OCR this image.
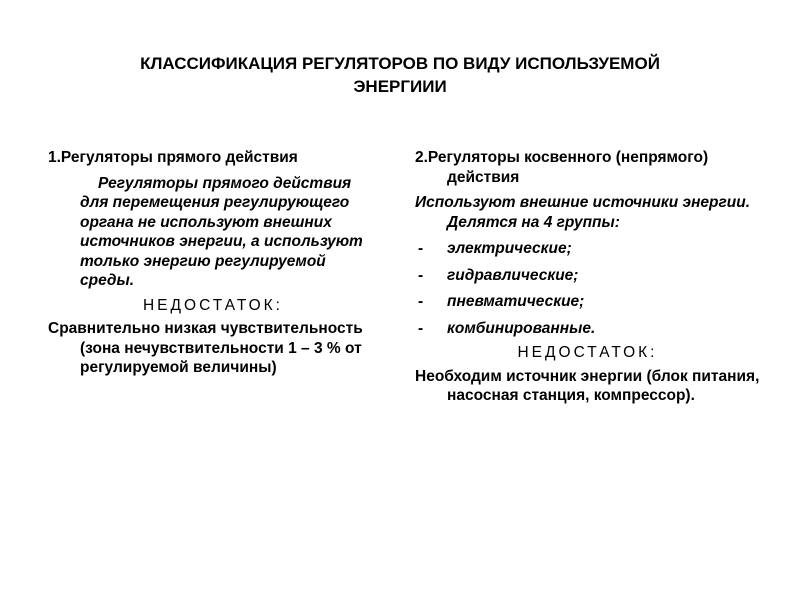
КЛАССИФИКАЦИЯ РЕГУЛЯТОРОВ ПО ВИДУ ИСПОЛЬЗУЕМОЙ
ЭНЕРГИИИ

1.Регуляторы прямого действия

Регуляторы прямого действия для перемещения регулирующего органа не используют внешних источников энергии, а используют только энергию регулируемой среды.

НЕДОСТАТОК:

Сравнительно низкая чувствительность (зона нечувствительности 1 – 3 % от регулируемой величины)

2.Регуляторы косвенного (непрямого) действия

Используют внешние источники энергии. Делятся на 4 группы:

- электрические;
- гидравлические;
- пневматические;
- комбинированные.

НЕДОСТАТОК:

Необходим источник энергии (блок питания, насосная станция, компрессор).
